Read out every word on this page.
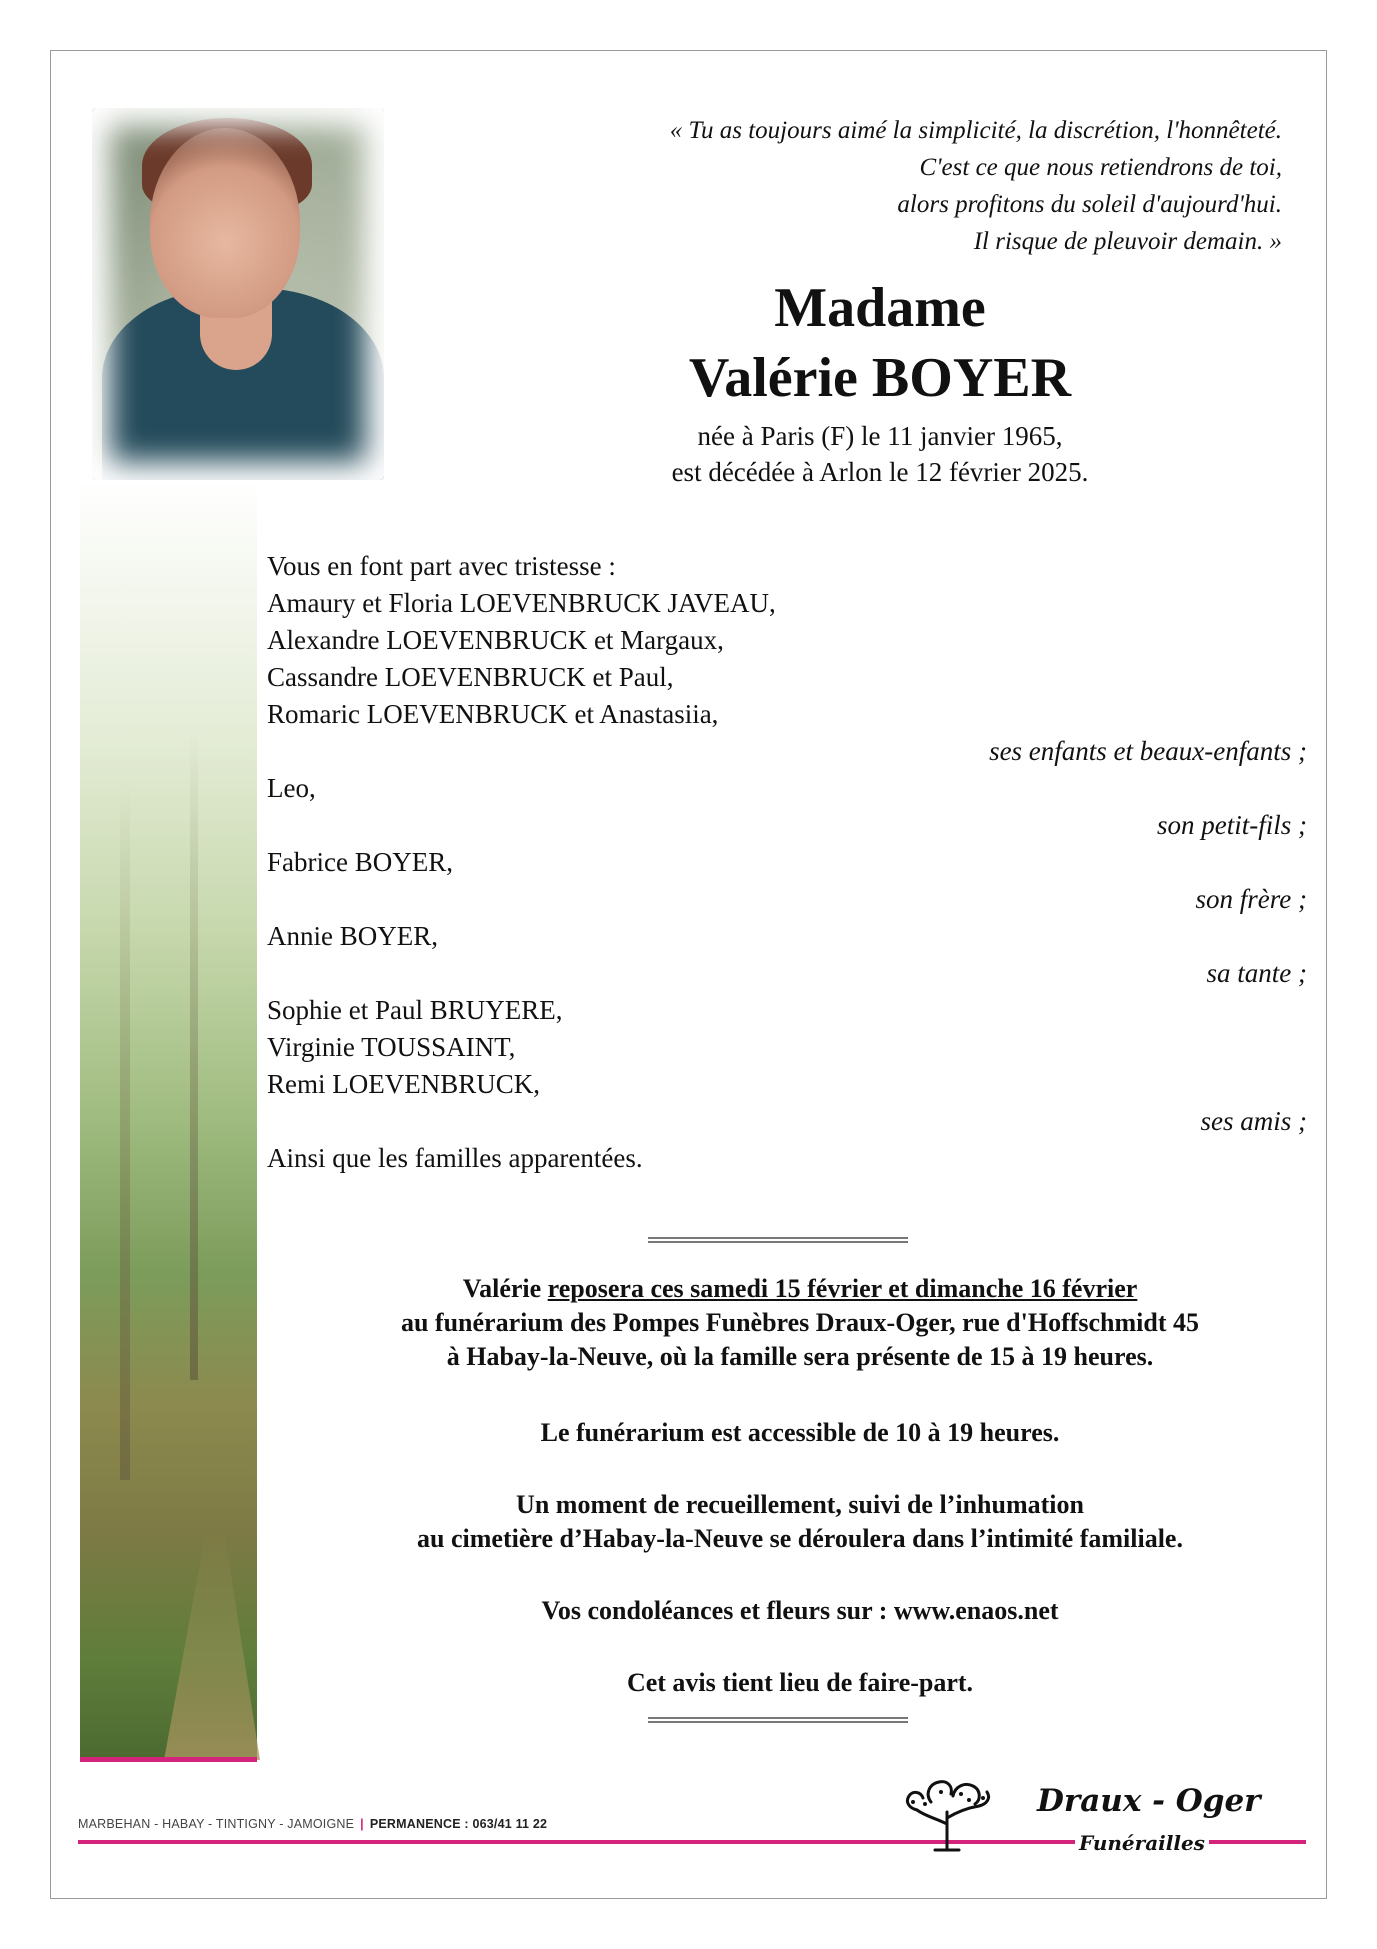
« Tu as toujours aimé la simplicité, la discrétion, l'honnêteté.
C'est ce que nous retiendrons de toi,
alors profitons du soleil d'aujourd'hui.
Il risque de pleuvoir demain. »
Madame
Valérie BOYER
née à Paris (F) le 11 janvier 1965,
est décédée à Arlon le 12 février 2025.
Vous en font part avec tristesse :
Amaury et Floria LOEVENBRUCK JAVEAU,
Alexandre LOEVENBRUCK et Margaux,
Cassandre LOEVENBRUCK et Paul,
Romaric LOEVENBRUCK et Anastasiia,
ses enfants et beaux-enfants ;
Leo,
son petit-fils ;
Fabrice BOYER,
son frère ;
Annie BOYER,
sa tante ;
Sophie et Paul BRUYERE,
Virginie TOUSSAINT,
Remi LOEVENBRUCK,
ses amis ;
Ainsi que les familles apparentées.
Valérie reposera ces samedi 15 février et dimanche 16 février
au funérarium des Pompes Funèbres Draux-Oger, rue d'Hoffschmidt 45
à Habay-la-Neuve, où la famille sera présente de 15 à 19 heures.
Le funérarium est accessible de 10 à 19 heures.
Un moment de recueillement, suivi de l’inhumation
au cimetière d’Habay-la-Neuve se déroulera dans l’intimité familiale.
Vos condoléances et fleurs sur : www.enaos.net
Cet avis tient lieu de faire-part.
MARBEHAN - HABAY - TINTIGNY - JAMOIGNE | PERMANENCE : 063/41 11 22
Draux - Oger
Funérailles
